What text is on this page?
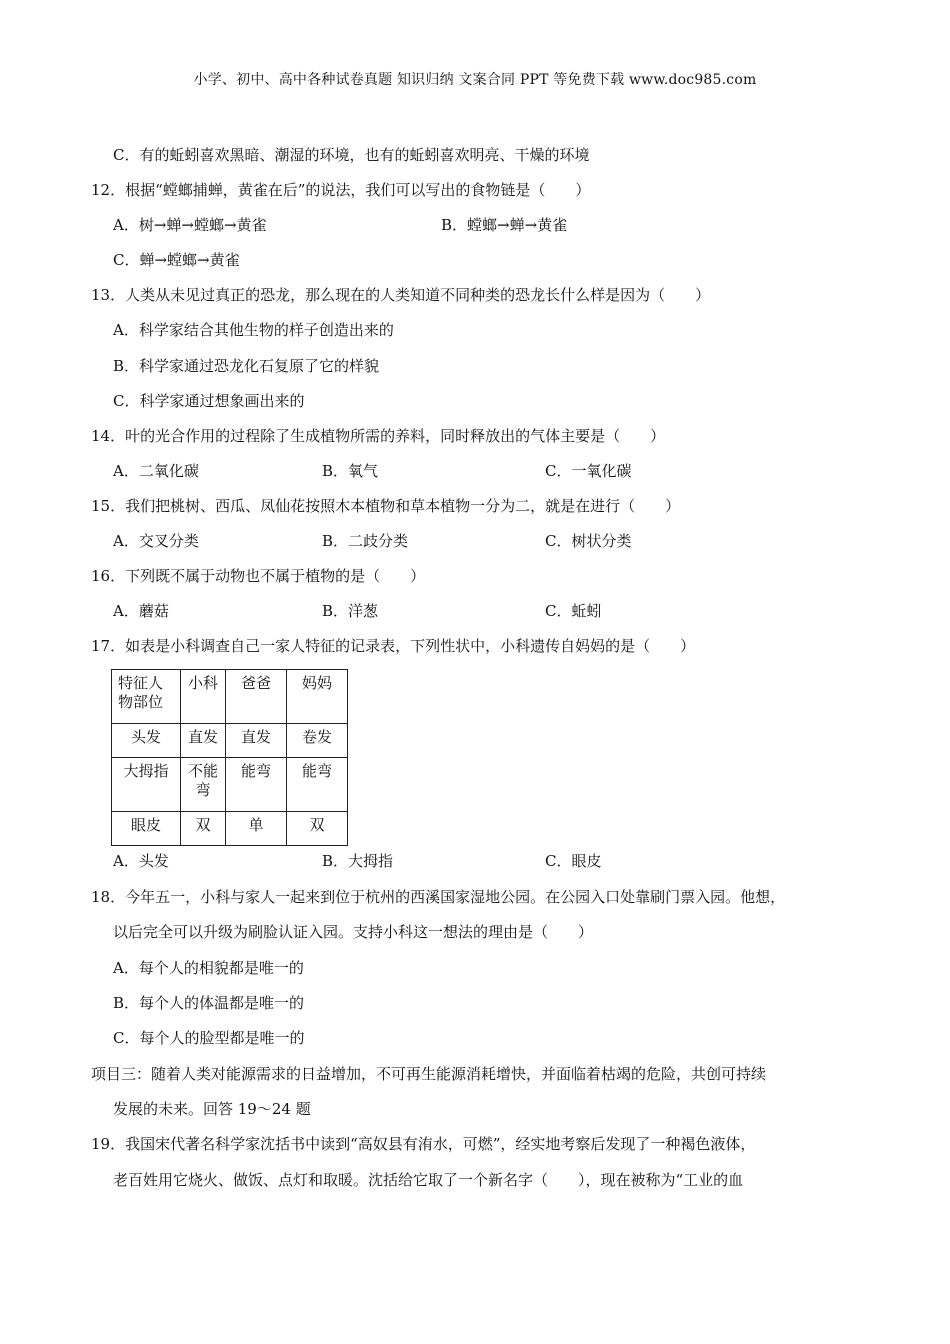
小学、初中、高中各种试卷真题 知识归纳 文案合同 PPT 等免费下载 www.doc985.com
C．有的蚯蚓喜欢黑暗、潮湿的环境，也有的蚯蚓喜欢明亮、干燥的环境
12．根据“螳螂捕蝉，黄雀在后”的说法，我们可以写出的食物链是（　　）
A．树→蝉→螳螂→黄雀	B．螳螂→蝉→黄雀
C．蝉→螳螂→黄雀
13．人类从未见过真正的恐龙，那么现在的人类知道不同种类的恐龙长什么样是因为（　　）
A．科学家结合其他生物的样子创造出来的
B．科学家通过恐龙化石复原了它的样貌
C．科学家通过想象画出来的
14．叶的光合作用的过程除了生成植物所需的养料，同时释放出的气体主要是（　　）
A．二氧化碳	B．氧气	C．一氧化碳
15．我们把桃树、西瓜、凤仙花按照木本植物和草本植物一分为二，就是在进行（　　）
A．交叉分类	B．二歧分类	C．树状分类
16．下列既不属于动物也不属于植物的是（　　）
A．蘑菇	B．洋葱	C．蚯蚓
17．如表是小科调查自己一家人特征的记录表，下列性状中，小科遗传自妈妈的是（　　）
特征人物部位	小科	爸爸	妈妈
头发	直发	直发	卷发
大拇指	不能弯	能弯	能弯
眼皮	双	单	双
A．头发	B．大拇指	C．眼皮
18．今年五一，小科与家人一起来到位于杭州的西溪国家湿地公园。在公园入口处靠刷门票入园。他想，
以后完全可以升级为刷脸认证入园。支持小科这一想法的理由是（　　）
A．每个人的相貌都是唯一的
B．每个人的体温都是唯一的
C．每个人的脸型都是唯一的
项目三：随着人类对能源需求的日益增加，不可再生能源消耗增快，并面临着枯竭的危险，共创可持续
发展的未来。回答 19～24 题
19．我国宋代著名科学家沈括书中读到“高奴县有洧水，可燃”，经实地考察后发现了一种褐色液体，
老百姓用它烧火、做饭、点灯和取暖。沈括给它取了一个新名字（　　），现在被称为“工业的血
